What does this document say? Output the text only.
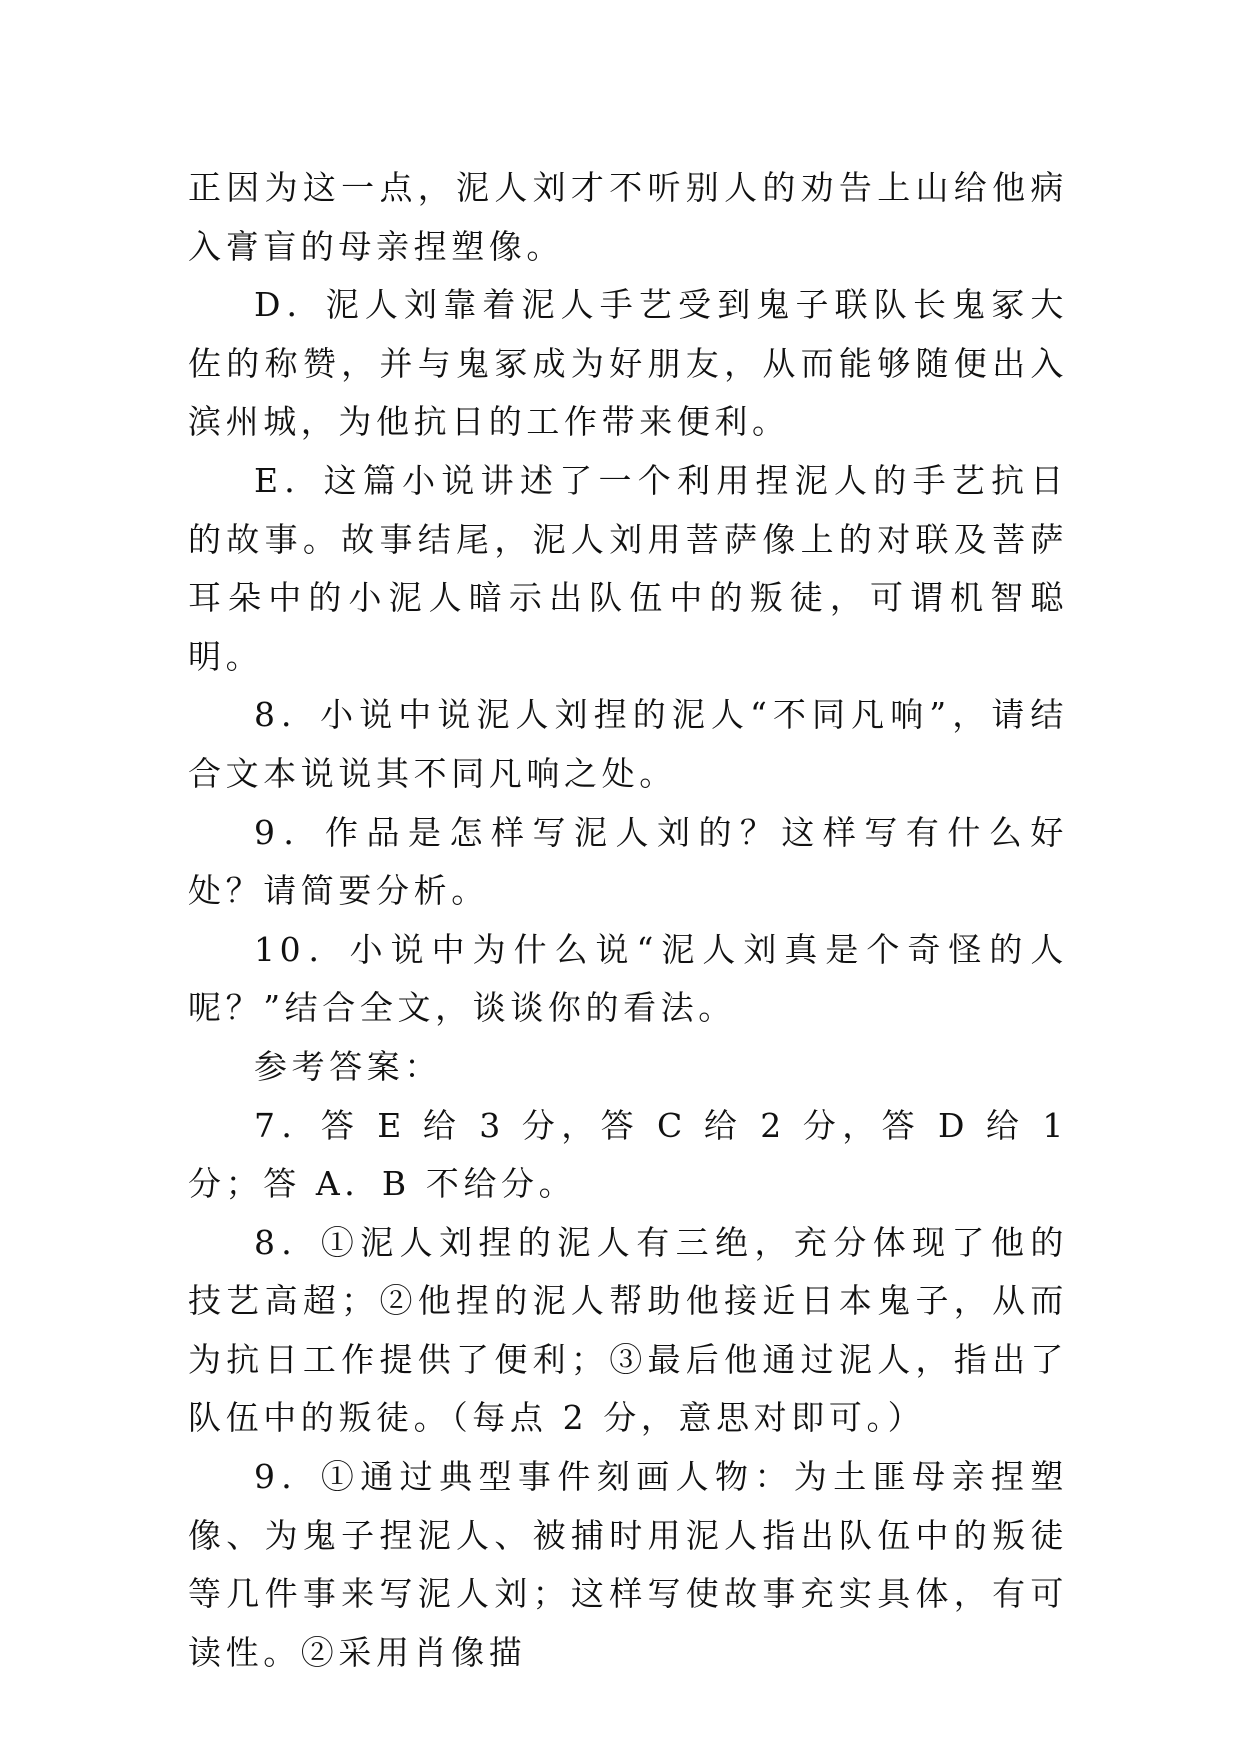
正因为这一点，泥人刘才不听别人的劝告上山给他病入膏盲的母亲捏塑像。

D．泥人刘靠着泥人手艺受到鬼子联队长鬼冢大佐的称赞，并与鬼冢成为好朋友，从而能够随便出入滨州城，为他抗日的工作带来便利。

E．这篇小说讲述了一个利用捏泥人的手艺抗日的故事。故事结尾，泥人刘用菩萨像上的对联及菩萨耳朵中的小泥人暗示出队伍中的叛徒，可谓机智聪明。

8．小说中说泥人刘捏的泥人“不同凡响”，请结合文本说说其不同凡响之处。

9．作品是怎样写泥人刘的？这样写有什么好处？请简要分析。

10．小说中为什么说“泥人刘真是个奇怪的人呢？”结合全文，谈谈你的看法。

参考答案：

7．答 E 给 3 分，答 C 给 2 分，答 D 给 1 分；答 A．B 不给分。

8．①泥人刘捏的泥人有三绝，充分体现了他的技艺高超；②他捏的泥人帮助他接近日本鬼子，从而为抗日工作提供了便利；③最后他通过泥人，指出了队伍中的叛徒。（每点 2 分，意思对即可。）

9．①通过典型事件刻画人物：为土匪母亲捏塑像、为鬼子捏泥人、被捕时用泥人指出队伍中的叛徒等几件事来写泥人刘；这样写使故事充实具体，有可读性。②采用肖像描
